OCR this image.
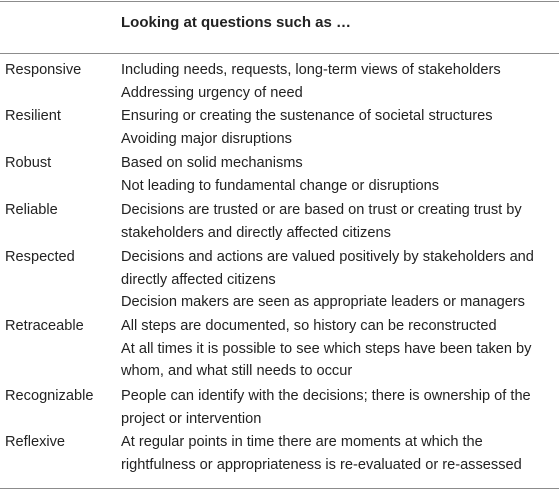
Looking at questions such as …
Responsive	Including needs, requests, long-term views of stakeholders
Addressing urgency of need
Resilient	Ensuring or creating the sustenance of societal structures
Avoiding major disruptions
Robust	Based on solid mechanisms
Not leading to fundamental change or disruptions
Reliable	Decisions are trusted or are based on trust or creating trust by
stakeholders and directly affected citizens
Respected	Decisions and actions are valued positively by stakeholders and
directly affected citizens
Decision makers are seen as appropriate leaders or managers
Retraceable	All steps are documented, so history can be reconstructed
At all times it is possible to see which steps have been taken by
whom, and what still needs to occur
Recognizable People can identify with the decisions; there is ownership of the
project or intervention
Reflexive	At regular points in time there are moments at which the
rightfulness or appropriateness is re-evaluated or re-assessed
